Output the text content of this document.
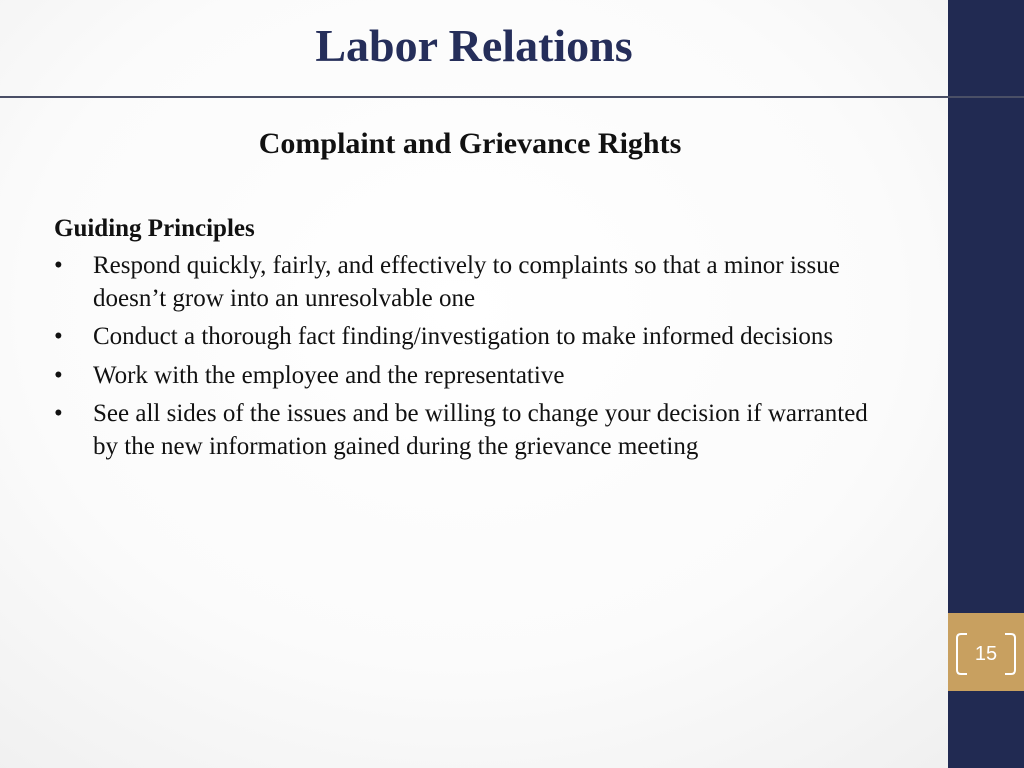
15
Labor Relations
Complaint and Grievance Rights
Guiding Principles
• Respond quickly, fairly, and effectively to complaints so that a minor issue doesn’t grow into an unresolvable one
• Conduct a thorough fact finding/investigation to make informed decisions
• Work with the employee and the representative
• See all sides of the issues and be willing to change your decision if warranted by the new information gained during the grievance meeting
